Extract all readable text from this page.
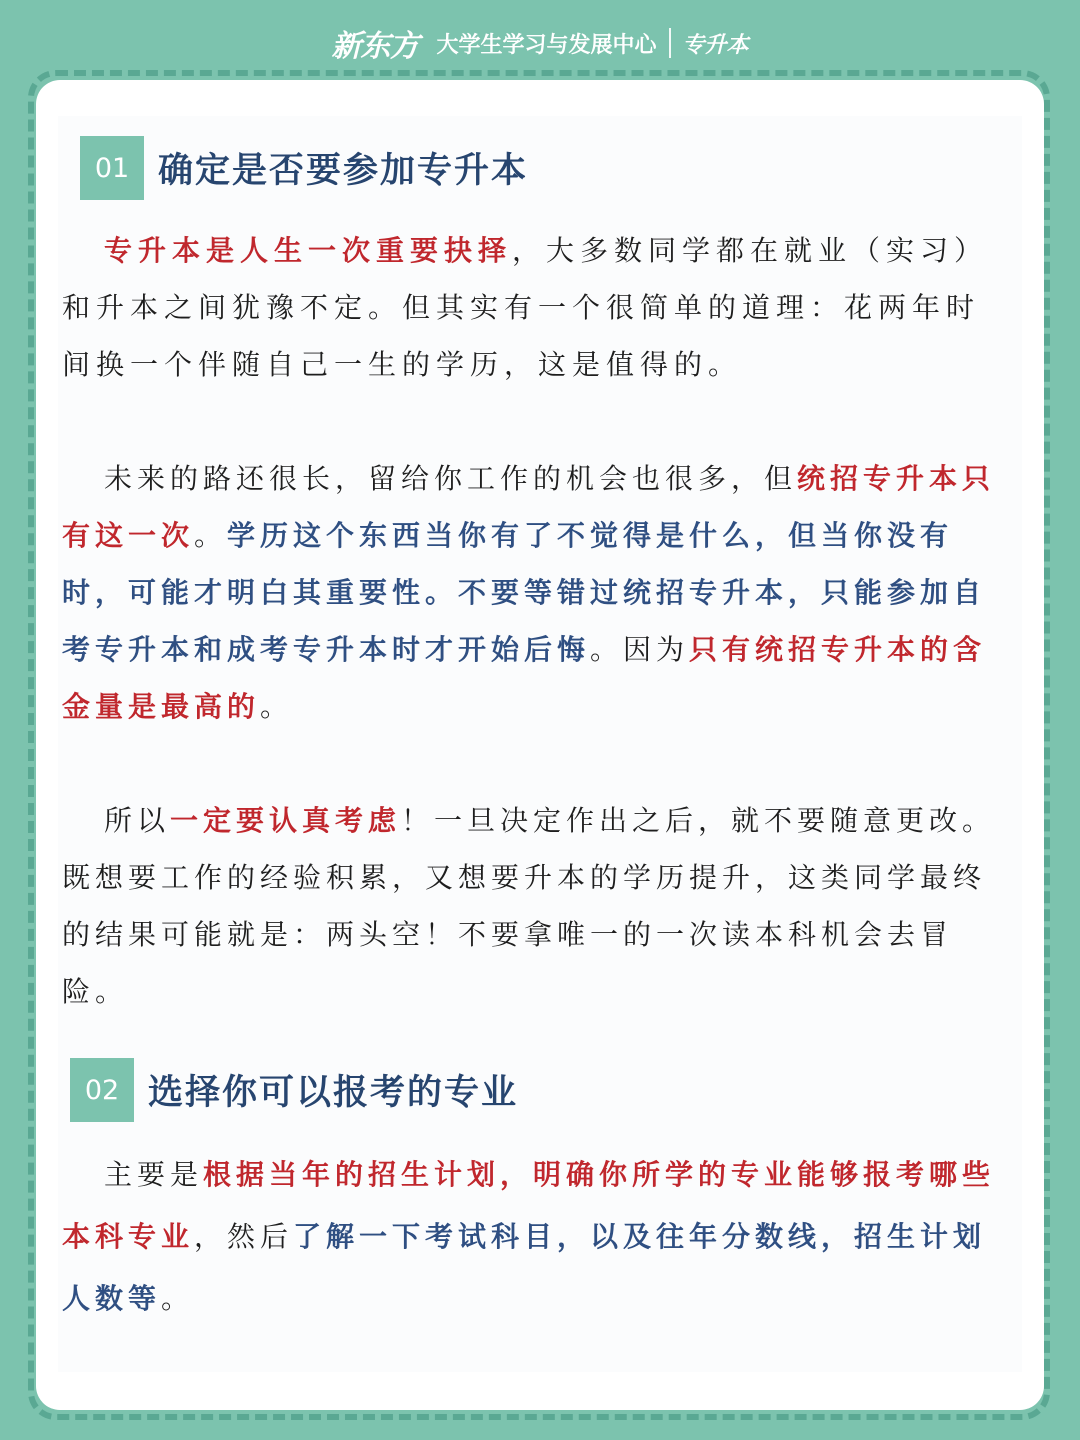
新东方 大学生学习与发展中心 专升本
01 确定是否要参加专升本

专升本是人生一次重要抉择，大多数同学都在就业（实习）和升本之间犹豫不定。但其实有一个很简单的道理：花两年时间换一个伴随自己一生的学历，这是值得的。

未来的路还很长，留给你工作的机会也很多，但统招专升本只有这一次。学历这个东西当你有了不觉得是什么，但当你没有时，可能才明白其重要性。不要等错过统招专升本，只能参加自考专升本和成考专升本时才开始后悔。因为只有统招专升本的含金量是最高的。

所以一定要认真考虑！一旦决定作出之后，就不要随意更改。既想要工作的经验积累，又想要升本的学历提升，这类同学最终的结果可能就是：两头空！不要拿唯一的一次读本科机会去冒险。

02 选择你可以报考的专业

主要是根据当年的招生计划，明确你所学的专业能够报考哪些本科专业，然后了解一下考试科目，以及往年分数线，招生计划人数等。
